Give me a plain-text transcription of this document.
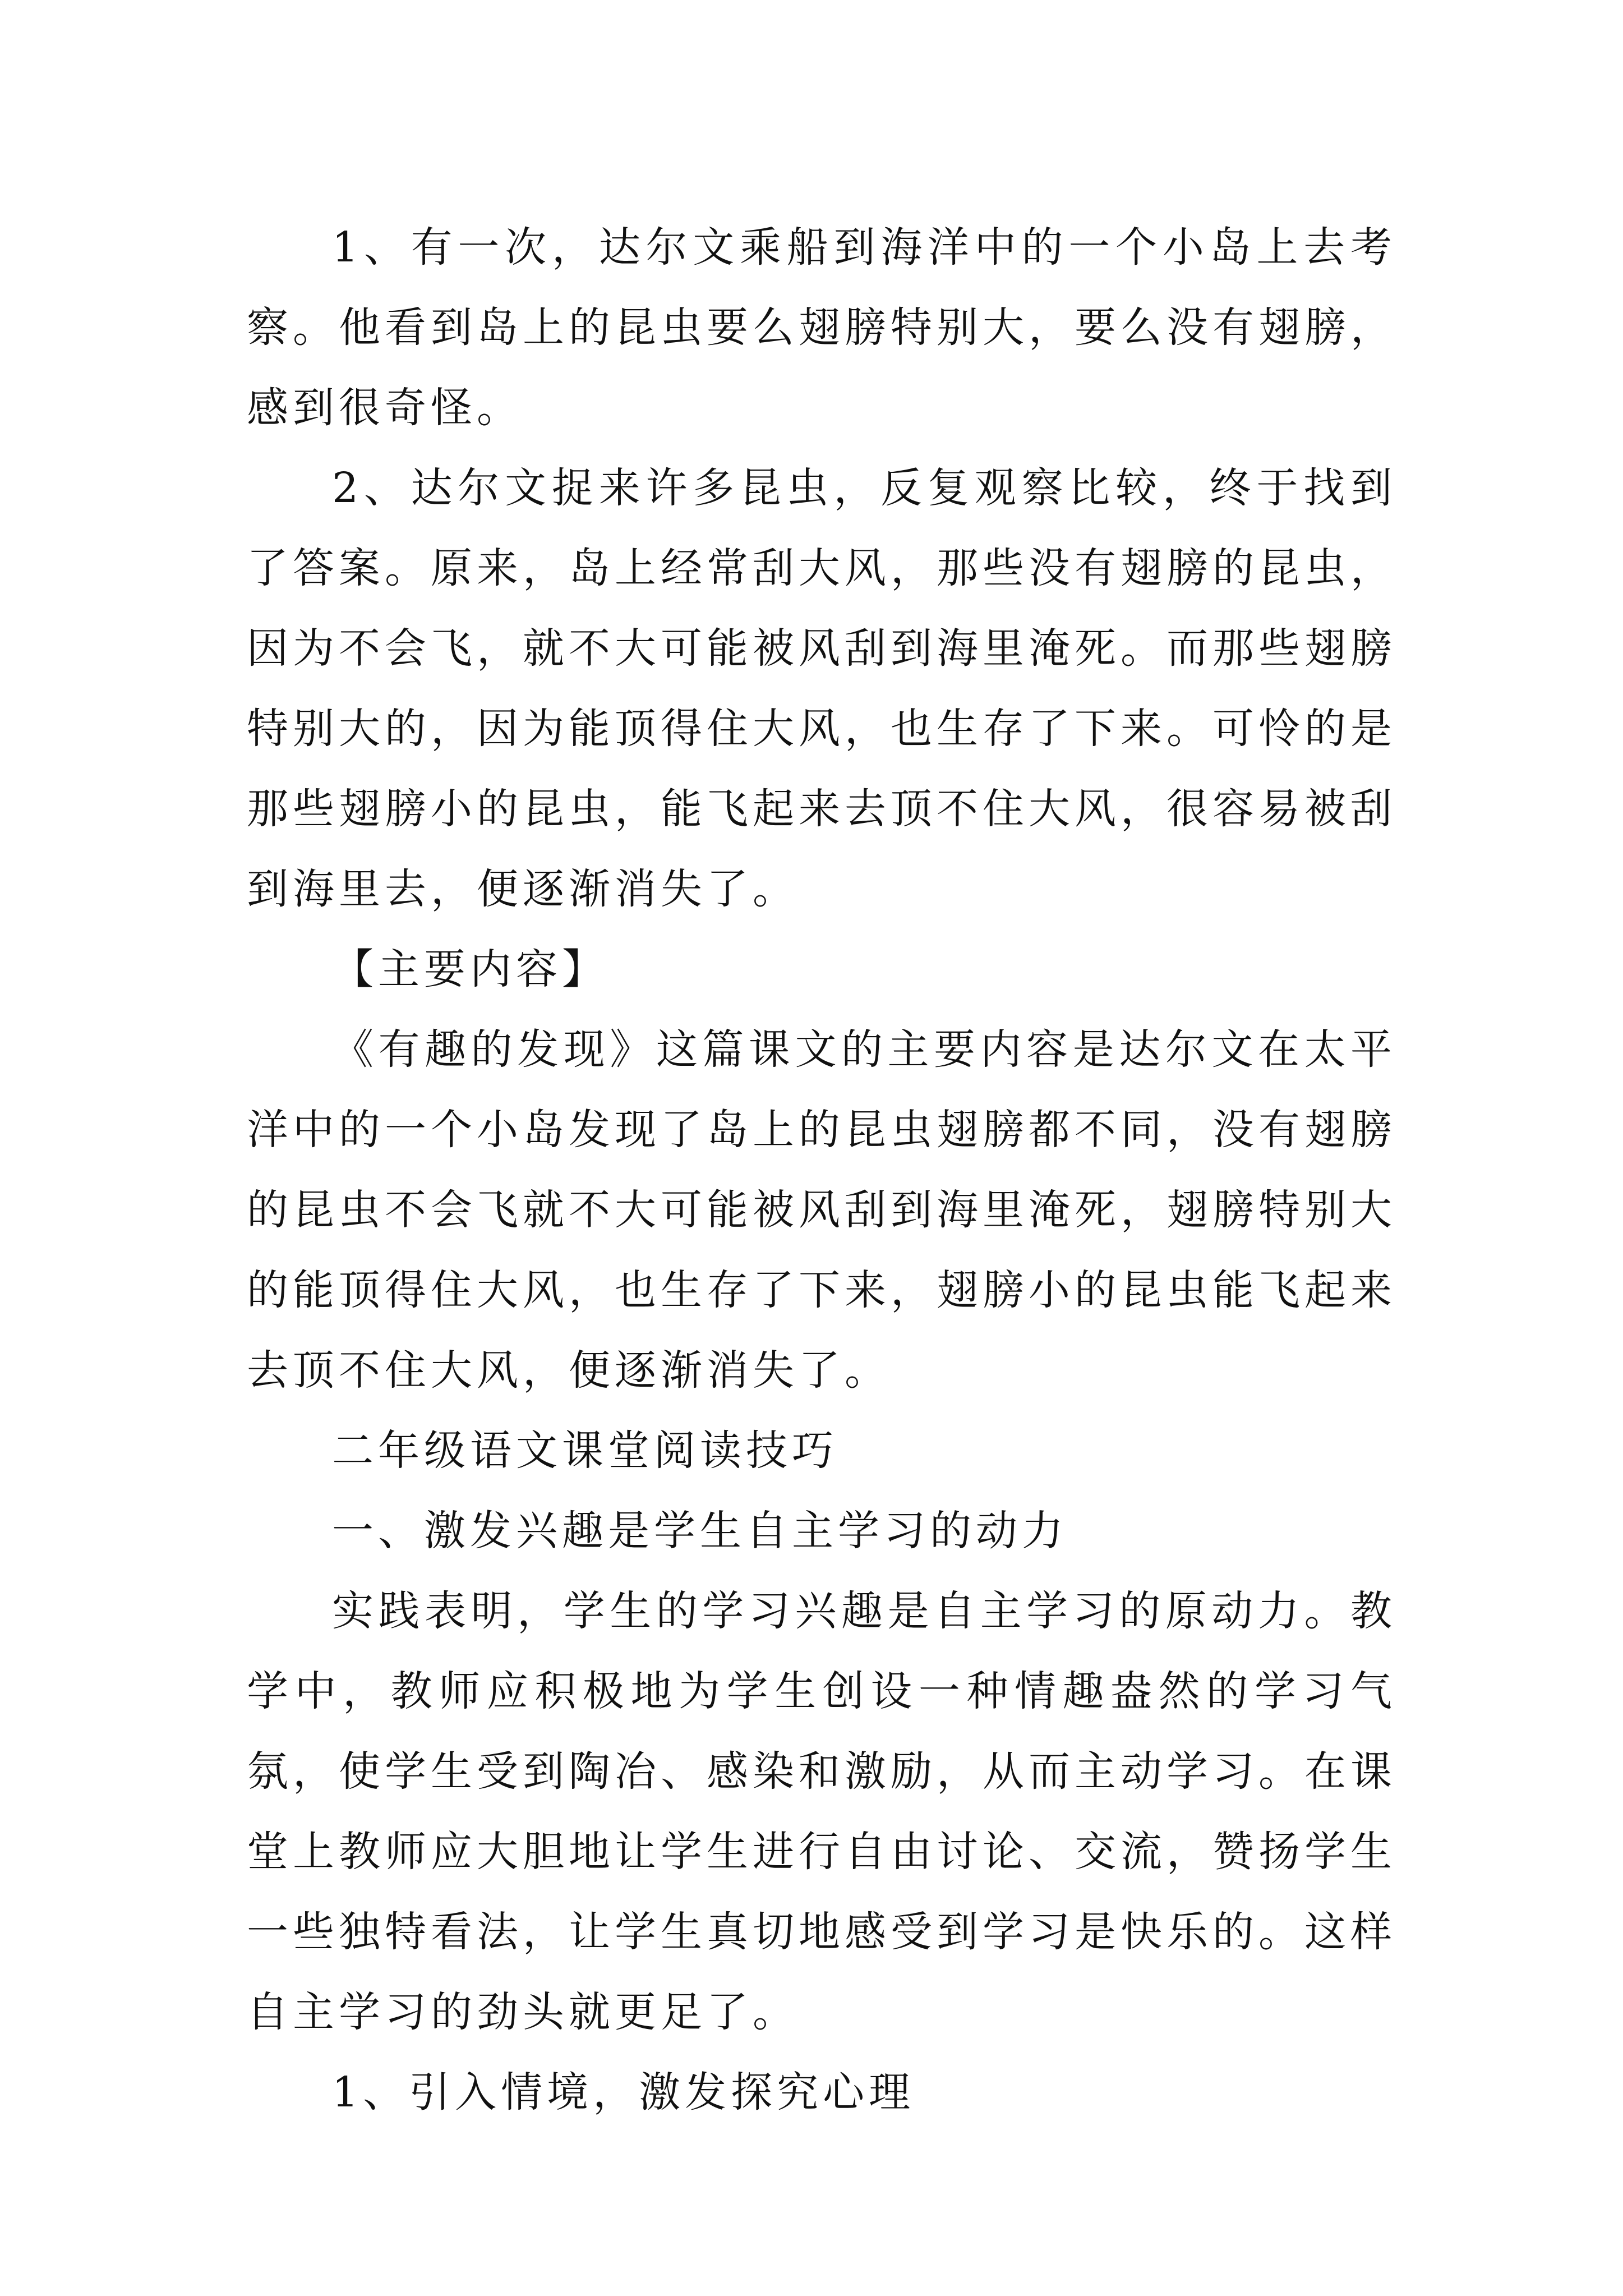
1、有一次，达尔文乘船到海洋中的一个小岛上去考察。他看到岛上的昆虫要么翅膀特别大，要么没有翅膀，感到很奇怪。

2、达尔文捉来许多昆虫，反复观察比较，终于找到了答案。原来，岛上经常刮大风，那些没有翅膀的昆虫，因为不会飞，就不大可能被风刮到海里淹死。而那些翅膀特别大的，因为能顶得住大风，也生存了下来。可怜的是那些翅膀小的昆虫，能飞起来去顶不住大风，很容易被刮到海里去，便逐渐消失了。

【主要内容】

《有趣的发现》这篇课文的主要内容是达尔文在太平洋中的一个小岛发现了岛上的昆虫翅膀都不同，没有翅膀的昆虫不会飞就不大可能被风刮到海里淹死，翅膀特别大的能顶得住大风，也生存了下来，翅膀小的昆虫能飞起来去顶不住大风，便逐渐消失了。

二年级语文课堂阅读技巧

一、激发兴趣是学生自主学习的动力

实践表明，学生的学习兴趣是自主学习的原动力。教学中，教师应积极地为学生创设一种情趣盎然的学习气氛，使学生受到陶冶、感染和激励，从而主动学习。在课堂上教师应大胆地让学生进行自由讨论、交流，赞扬学生一些独特看法，让学生真切地感受到学习是快乐的。这样自主学习的劲头就更足了。

1、引入情境，激发探究心理
